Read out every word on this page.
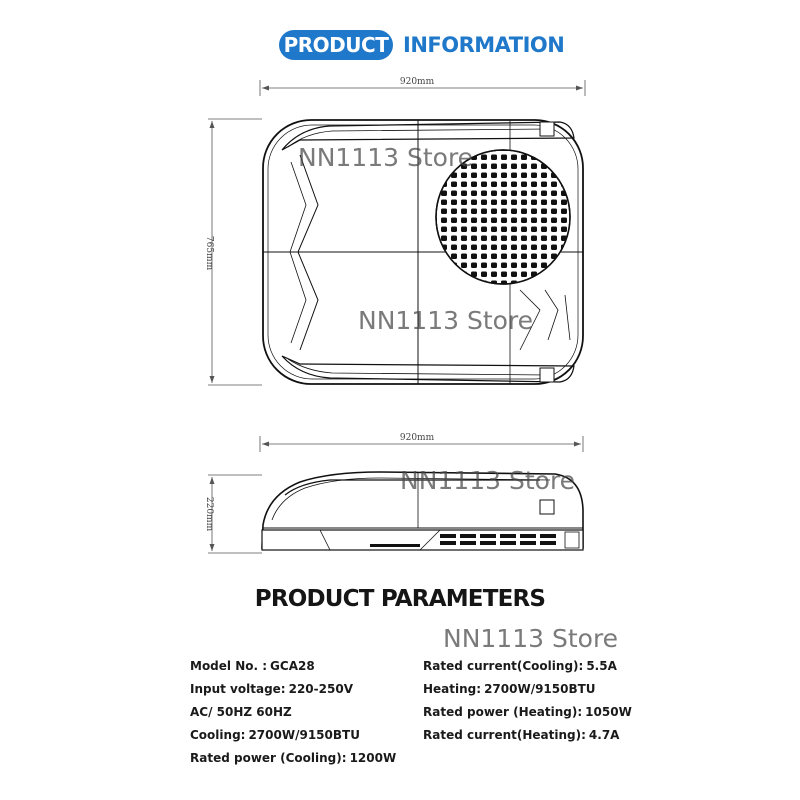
PRODUCT INFORMATION
920mm
765mm
920mm
220mm
NN1113 Store
NN1113 Store
NN1113 Store
NN1113 Store
PRODUCT PARAMETERS
Model No. : GCA28
Input voltage: 220-250V
AC/ 50HZ 60HZ
Cooling: 2700W/9150BTU
Rated power (Cooling): 1200W
Rated current(Cooling): 5.5A
Heating: 2700W/9150BTU
Rated power (Heating): 1050W
Rated current(Heating): 4.7A
